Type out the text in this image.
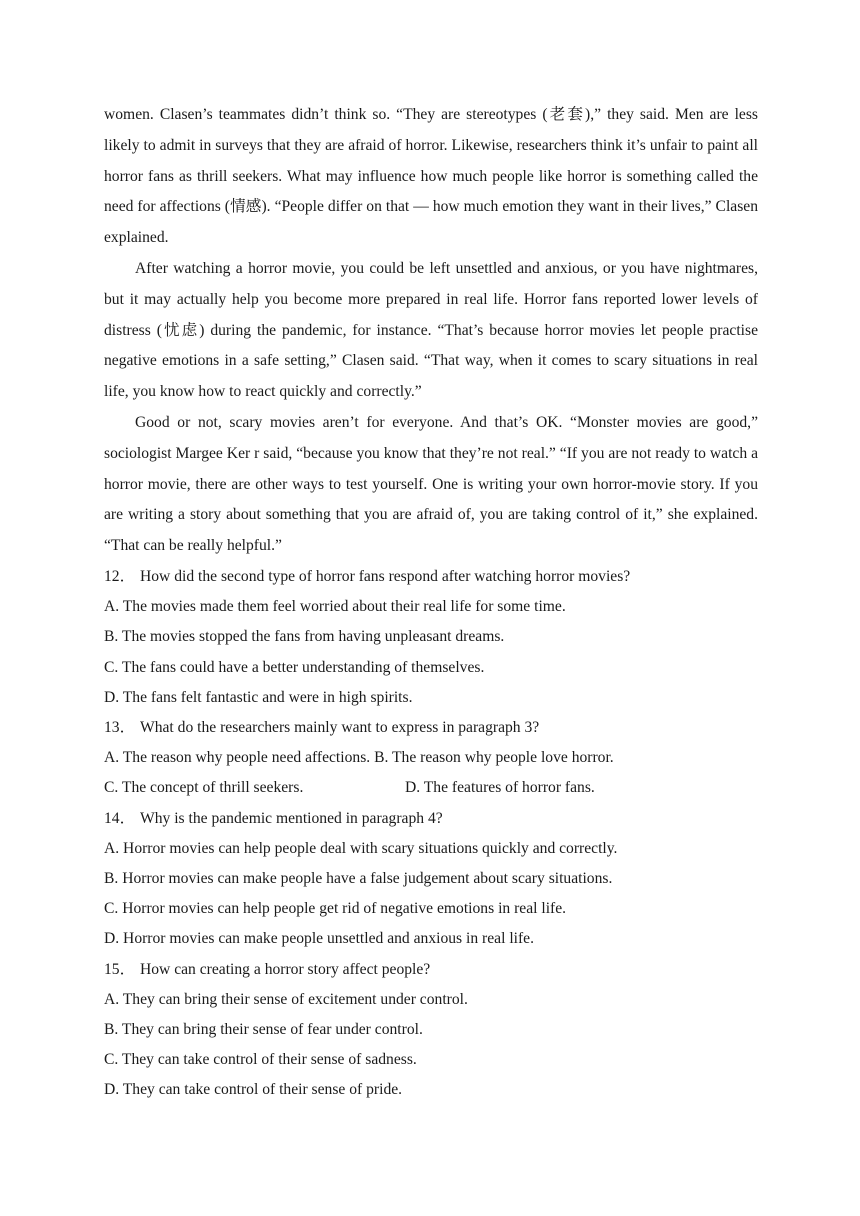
women. Clasen’s teammates didn’t think so. “They are stereotypes (老套),” they said. Men are less likely to admit in surveys that they are afraid of horror. Likewise, researchers think it’s unfair to paint all horror fans as thrill seekers. What may influence how much people like horror is something called the need for affections (情感). “People differ on that — how much emotion they want in their lives,” Clasen explained.

After watching a horror movie, you could be left unsettled and anxious, or you have nightmares, but it may actually help you become more prepared in real life. Horror fans reported lower levels of distress (忧虑) during the pandemic, for instance. “That’s because horror movies let people practise negative emotions in a safe setting,” Clasen said. “That way, when it comes to scary situations in real life, you know how to react quickly and correctly.”

Good or not, scary movies aren’t for everyone. And that’s OK. “Monster movies are good,” sociologist Margee Ker r said, “because you know that they’re not real.” “If you are not ready to watch a horror movie, there are other ways to test yourself. One is writing your own horror-movie story. If you are writing a story about something that you are afraid of, you are taking control of it,” she explained. “That can be really helpful.”

12． How did the second type of horror fans respond after watching horror movies?
A. The movies made them feel worried about their real life for some time.
B. The movies stopped the fans from having unpleasant dreams.
C. The fans could have a better understanding of themselves.
D. The fans felt fantastic and were in high spirits.
13． What do the researchers mainly want to express in paragraph 3?
A. The reason why people need affections. B. The reason why people love horror.
C. The concept of thrill seekers.	D. The features of horror fans.
14． Why is the pandemic mentioned in paragraph 4?
A. Horror movies can help people deal with scary situations quickly and correctly.
B. Horror movies can make people have a false judgement about scary situations.
C. Horror movies can help people get rid of negative emotions in real life.
D. Horror movies can make people unsettled and anxious in real life.
15． How can creating a horror story affect people?
A. They can bring their sense of excitement under control.
B. They can bring their sense of fear under control.
C. They can take control of their sense of sadness.
D. They can take control of their sense of pride.
